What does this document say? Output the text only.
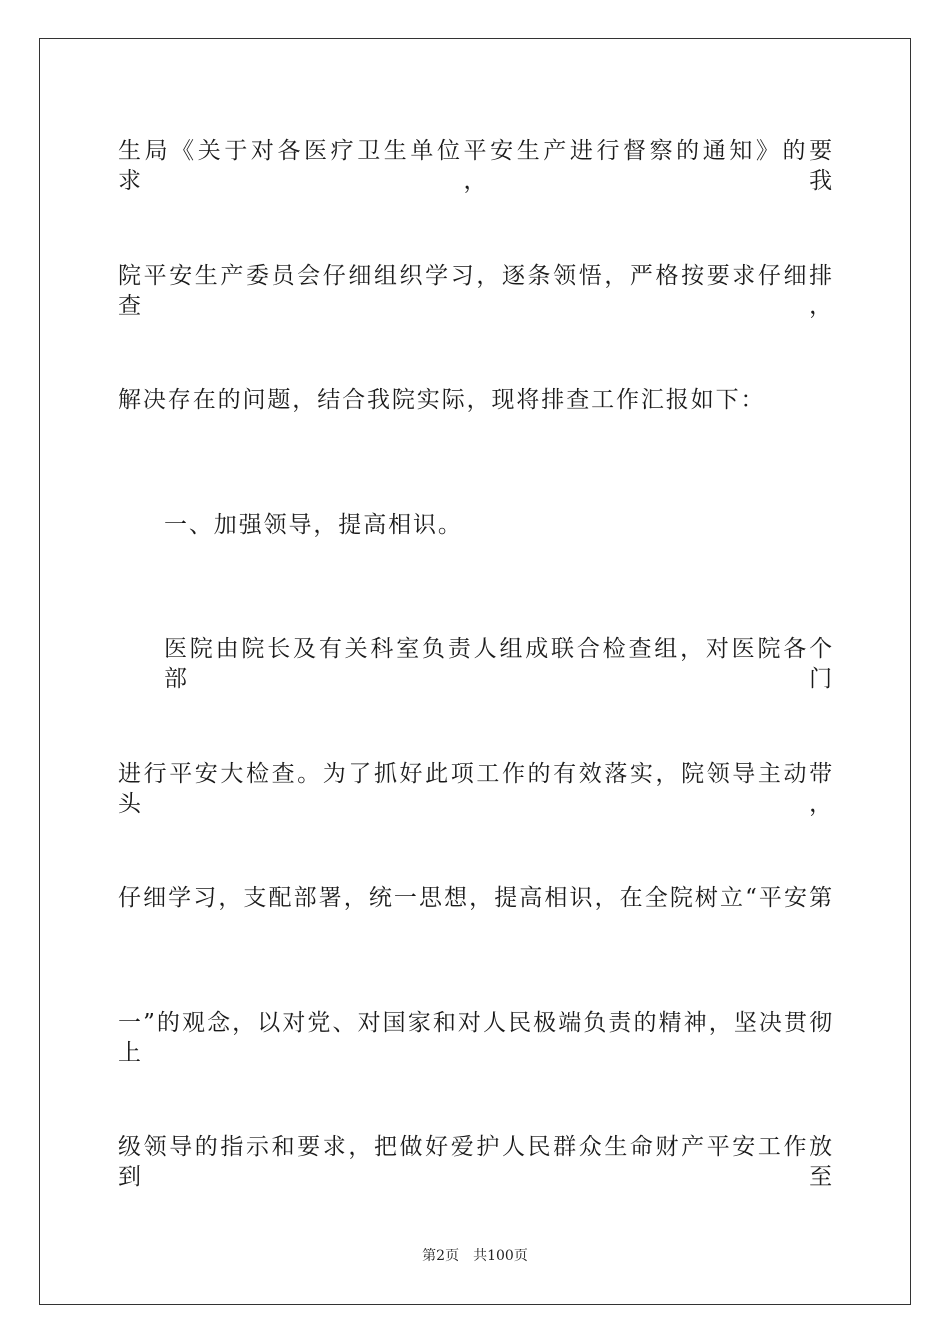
生局《关于对各医疗卫生单位平安生产进行督察的通知》的要求，我
院平安生产委员会仔细组织学习，逐条领悟，严格按要求仔细排查，
解决存在的问题，结合我院实际，现将排查工作汇报如下：
一、加强领导，提高相识。
医院由院长及有关科室负责人组成联合检查组，对医院各个部门
进行平安大检查。为了抓好此项工作的有效落实，院领导主动带头，
仔细学习，支配部署，统一思想，提高相识，在全院树立“平安第
一”的观念，以对党、对国家和对人民极端负责的精神，坚决贯彻上
级领导的指示和要求，把做好爱护人民群众生命财产平安工作放到至
第2页 共100页
